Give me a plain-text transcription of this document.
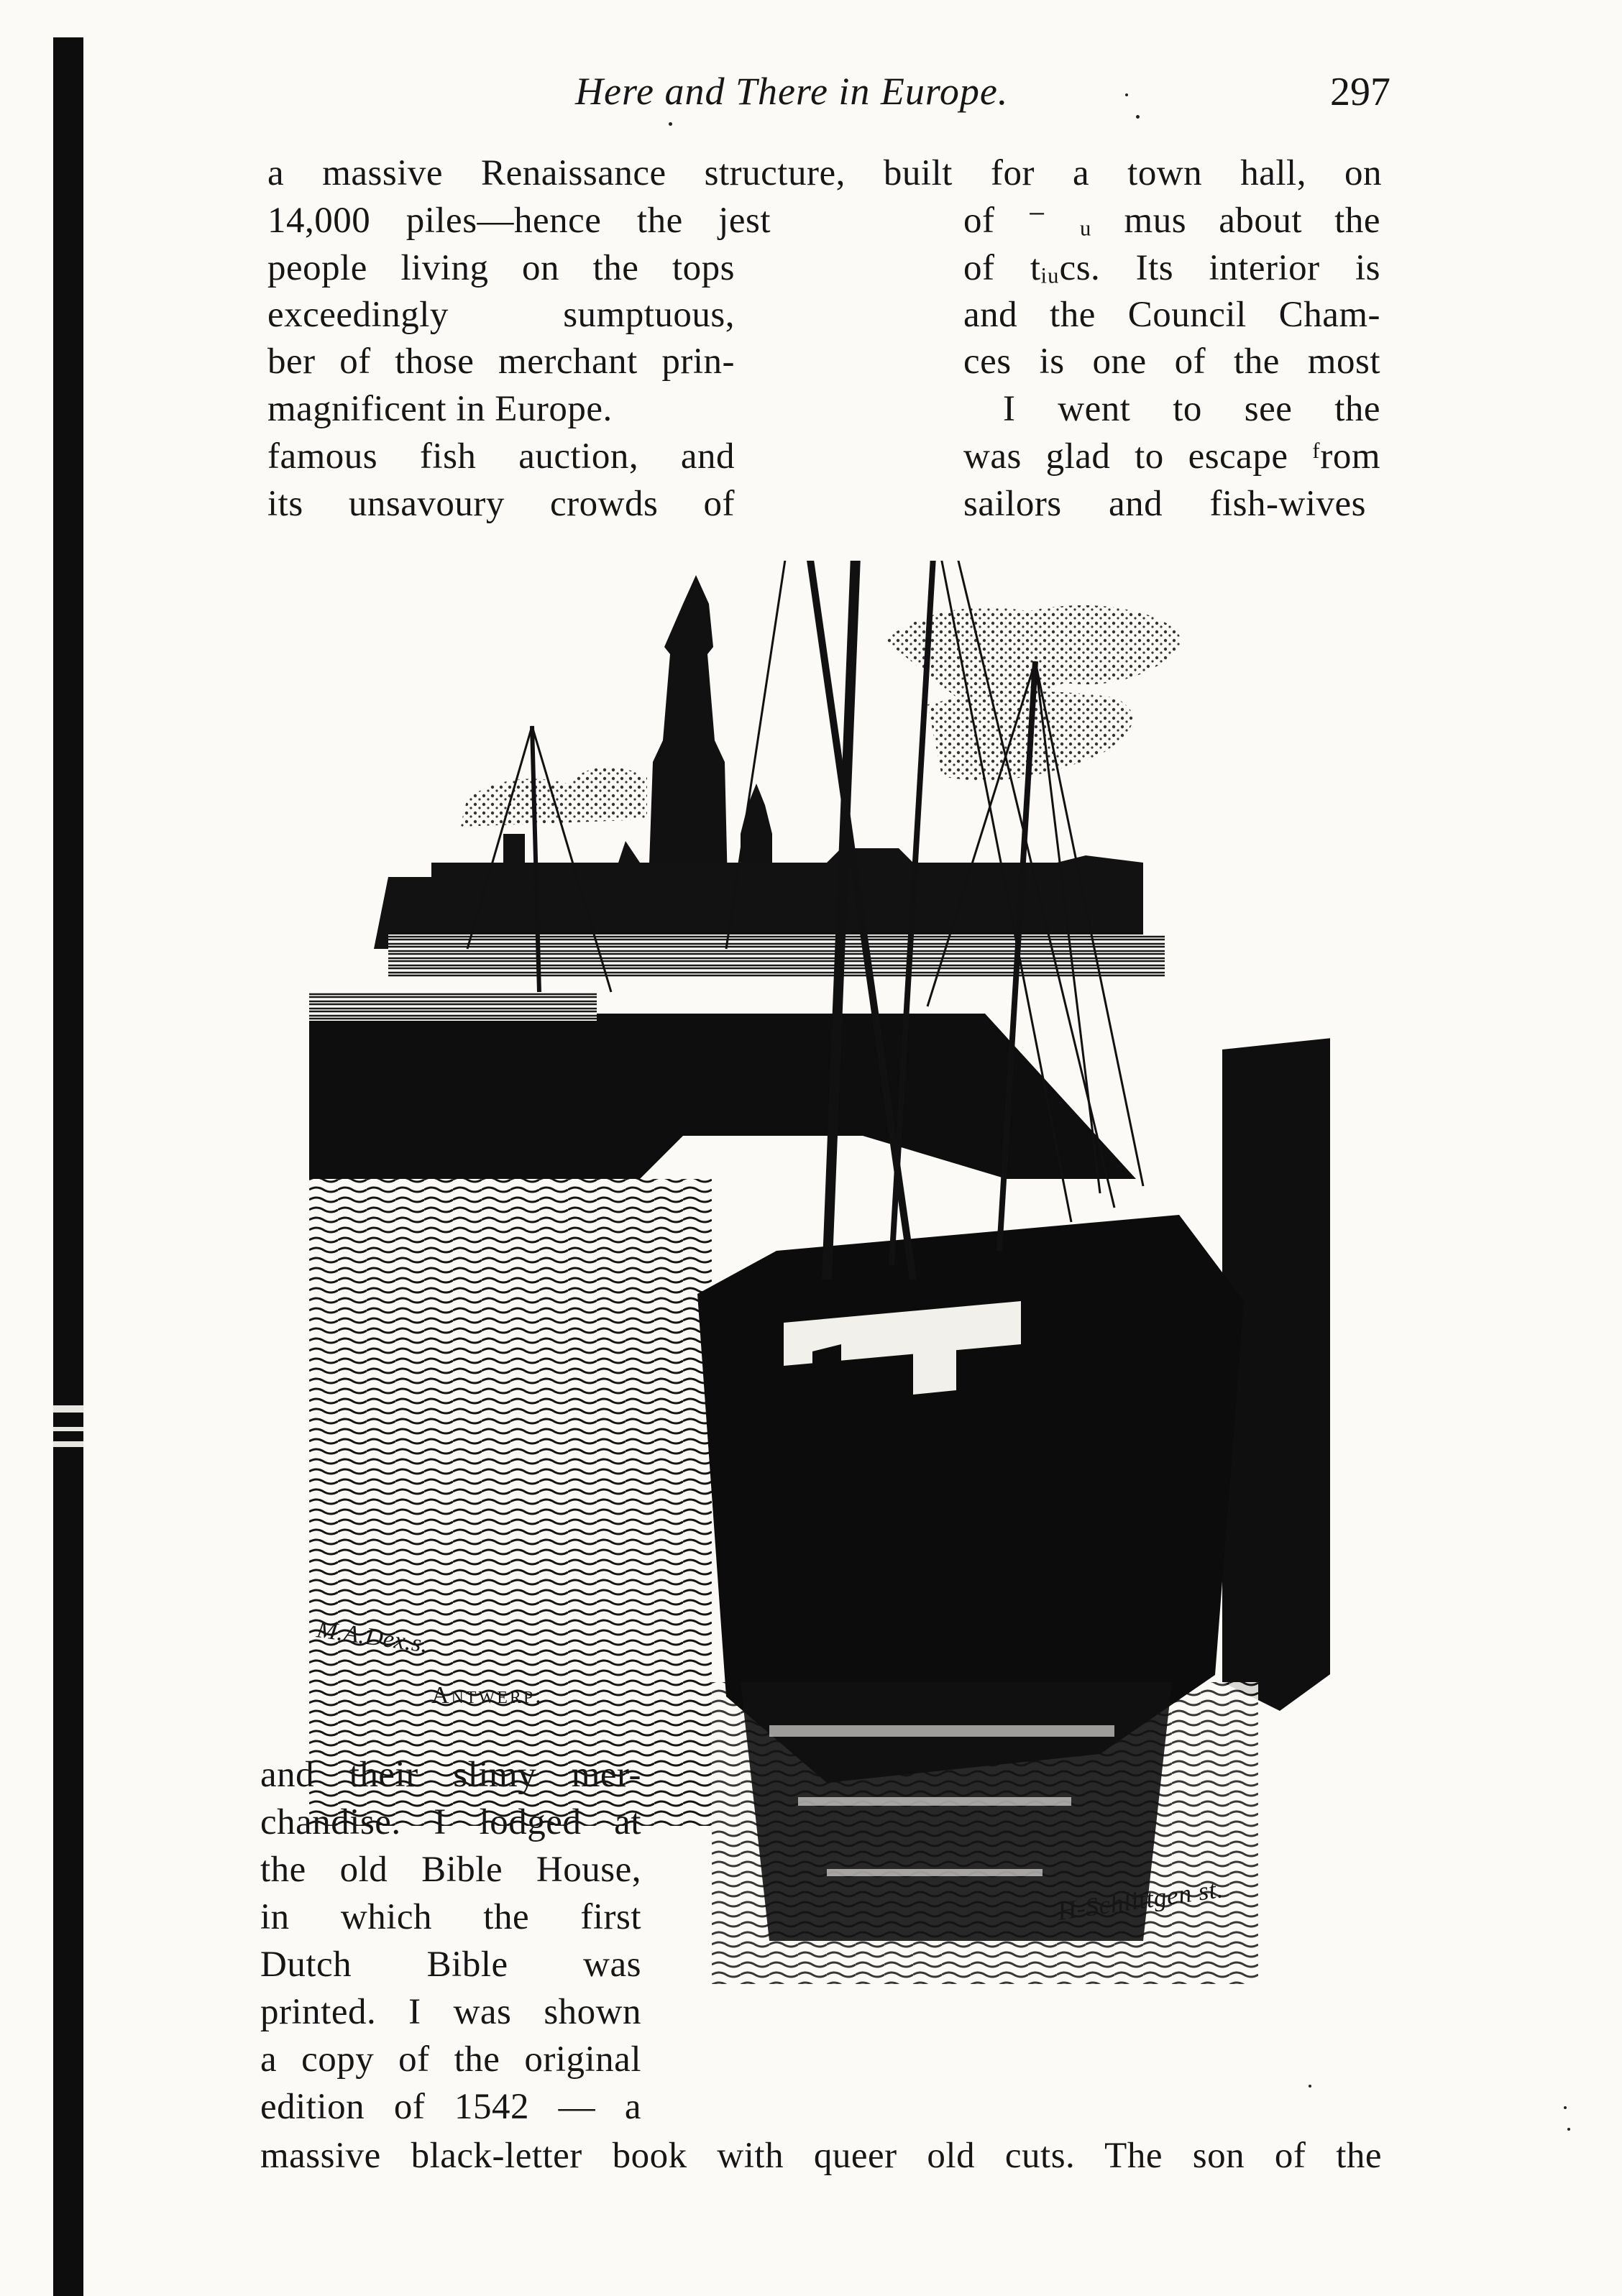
Here and There in Europe.	297
a massive Renaissance structure, built for a town hall, on
14,000 piles—hence the jest
people living on the tops
exceedingly sumptuous,
ber of those merchant prin-
magnificent in Europe.
famous fish auction, and
its unsavoury crowds of
of ⁻ ᵤ mus about the
of tᵢᵤcs. Its interior is
and the Council Cham-
ces is one of the most
I went to see the
was glad to escape ᶠrom
sailors and fish-wives
M.A.Dex.s.
H-Schlittgen st.
Antwerp.
and their slimy mer-
chandise. I lodged at
the old Bible House,
in which the first
Dutch Bible was
printed. I was shown
a copy of the original
edition of 1542 — a
massive black-letter book with queer old cuts. The son of the
